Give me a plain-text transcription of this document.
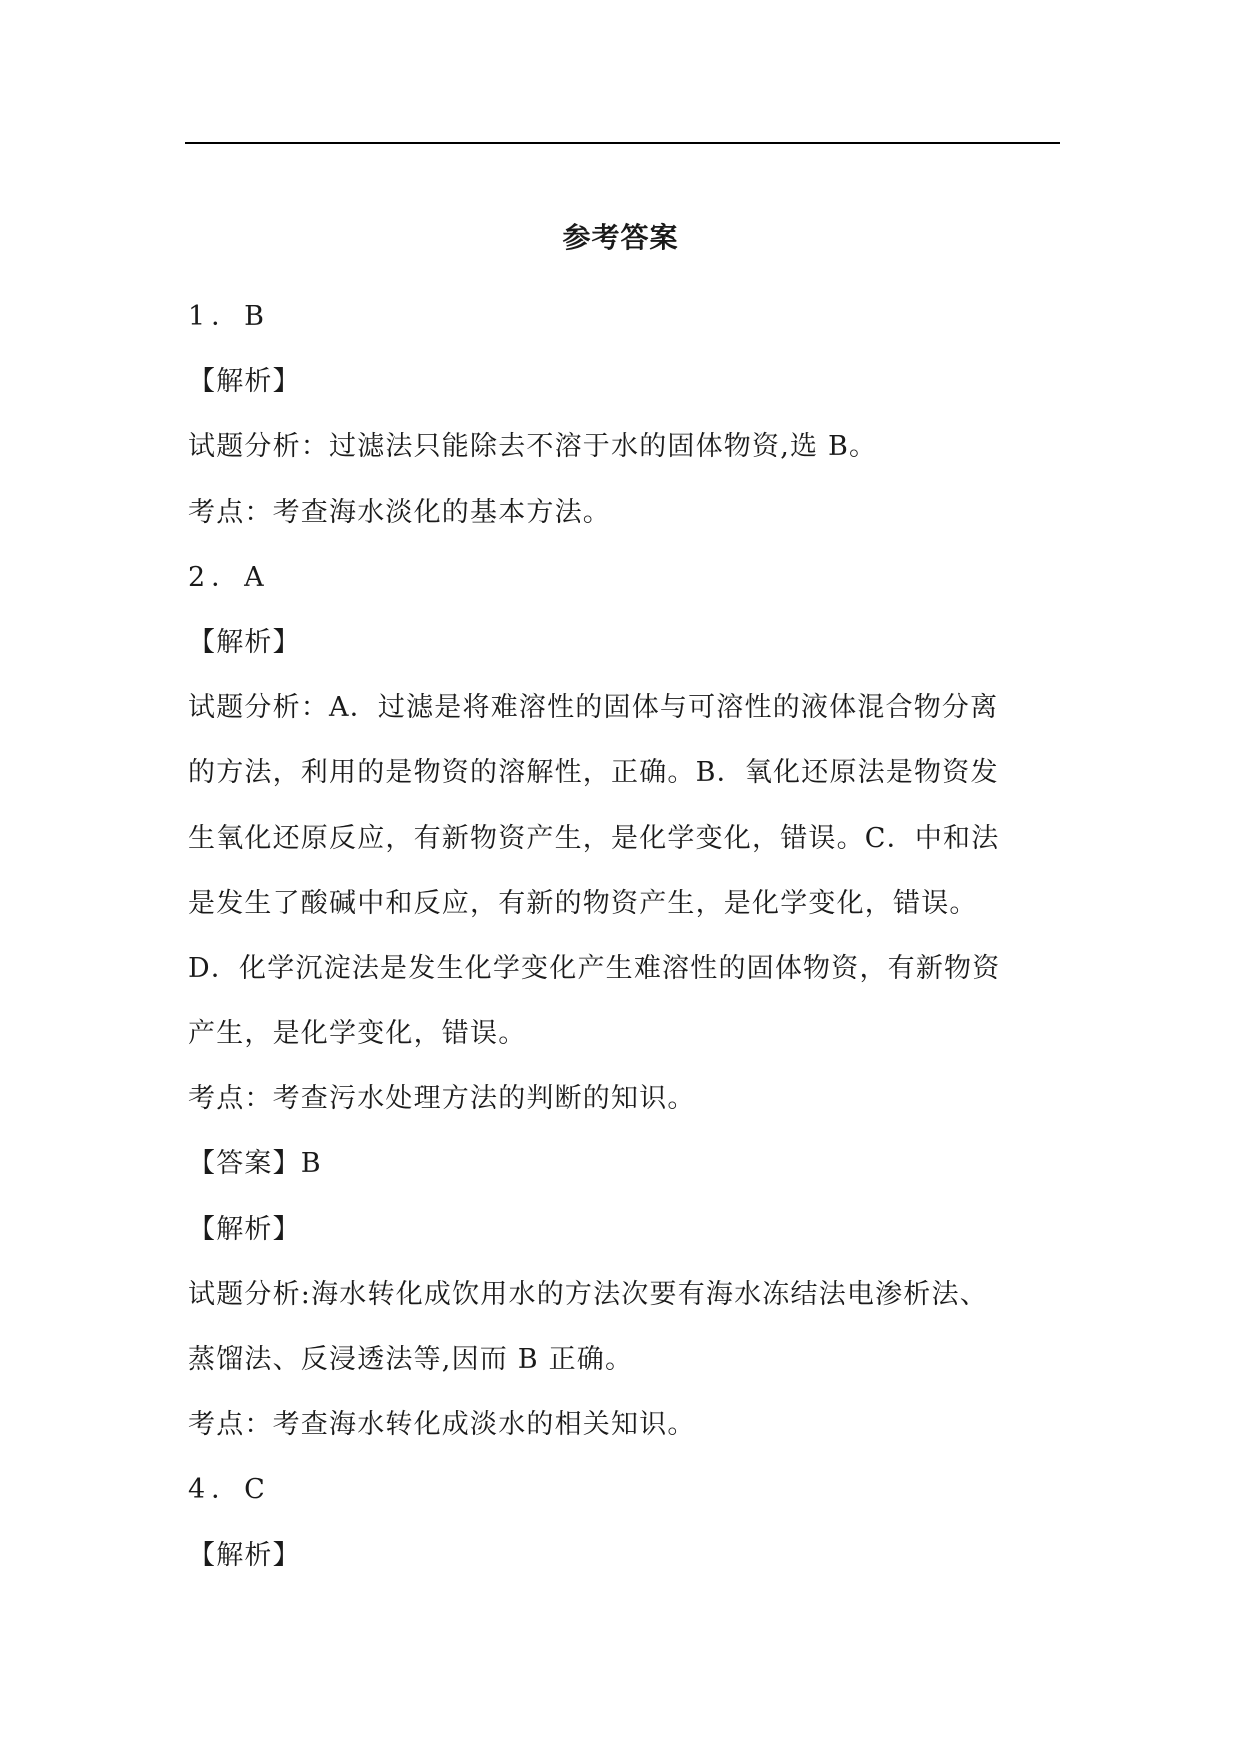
参考答案
1．B
【解析】
试题分析：过滤法只能除去不溶于水的固体物资,选 B。
考点：考查海水淡化的基本方法。
2．A
【解析】
试题分析：A．过滤是将难溶性的固体与可溶性的液体混合物分离
的方法，利用的是物资的溶解性，正确。B．氧化还原法是物资发
生氧化还原反应，有新物资产生，是化学变化，错误。C．中和法
是发生了酸碱中和反应，有新的物资产生，是化学变化，错误。
D．化学沉淀法是发生化学变化产生难溶性的固体物资，有新物资
产生，是化学变化，错误。
考点：考查污水处理方法的判断的知识。
【答案】B
【解析】
试题分析:海水转化成饮用水的方法次要有海水冻结法电渗析法、
蒸馏法、反浸透法等,因而 B 正确。
考点：考查海水转化成淡水的相关知识。
4．C
【解析】
